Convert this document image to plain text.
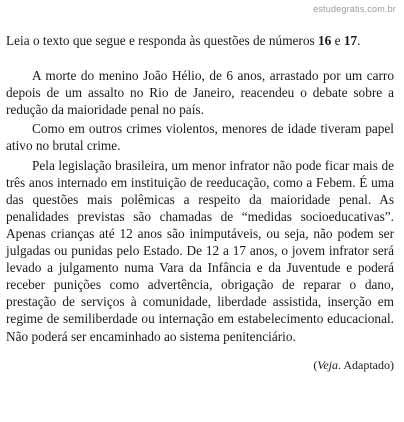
estudegratis.com.br

Leia o texto que segue e responda às questões de números 16 e 17.

A morte do menino João Hélio, de 6 anos, arrastado por um carro depois de um assalto no Rio de Janeiro, reacendeu o debate sobre a redução da maioridade penal no país.

Como em outros crimes violentos, menores de idade tiveram papel ativo no brutal crime.

Pela legislação brasileira, um menor infrator não pode ficar mais de três anos internado em instituição de reeducação, como a Febem. É uma das questões mais polêmicas a respeito da maioridade penal. As penalidades previstas são chamadas de “medidas socioeducativas”. Apenas crianças até 12 anos são inimputáveis, ou seja, não podem ser julgadas ou punidas pelo Estado. De 12 a 17 anos, o jovem infrator será levado a julgamento numa Vara da Infância e da Juventude e poderá receber punições como advertência, obrigação de reparar o dano, prestação de serviços à comunidade, liberdade assistida, inserção em regime de semiliberdade ou internação em estabelecimento educacional. Não poderá ser encaminhado ao sistema penitenciário.

(Veja. Adaptado)
